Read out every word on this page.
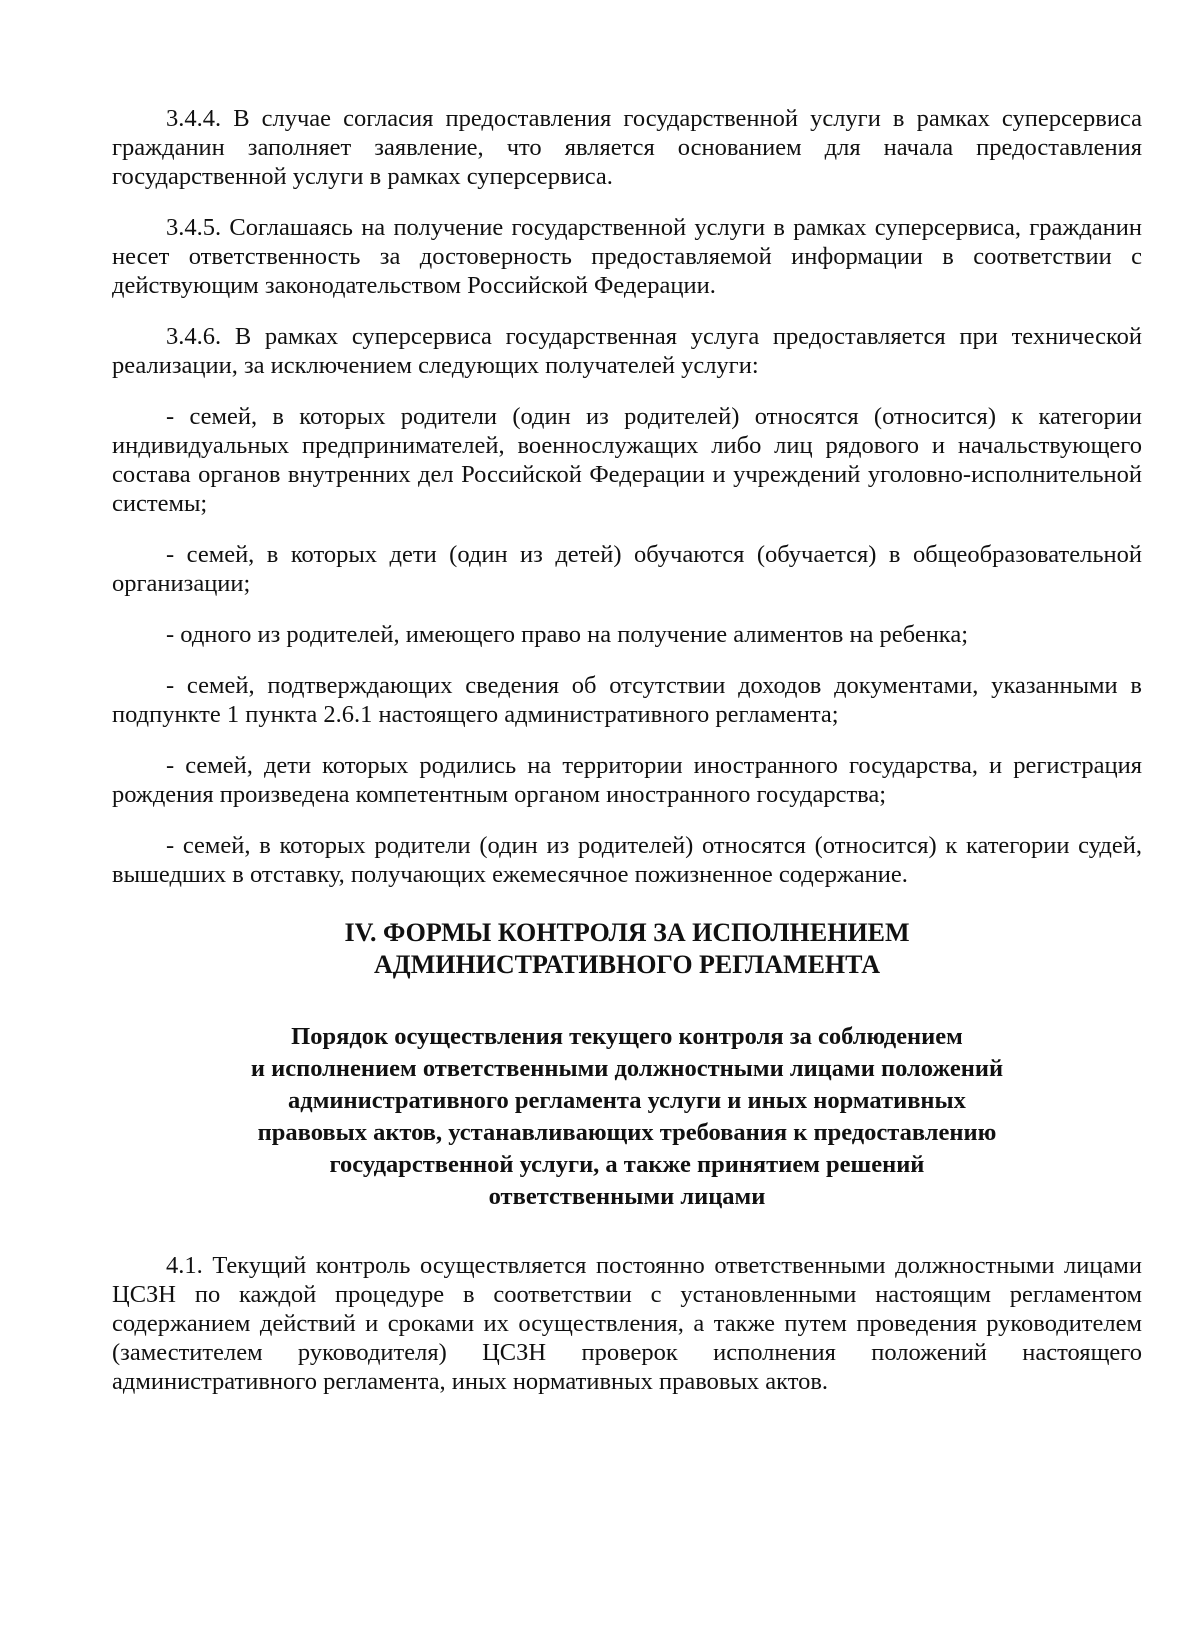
3.4.4. В случае согласия предоставления государственной услуги в рамках суперсервиса гражданин заполняет заявление, что является основанием для начала предоставления государственной услуги в рамках суперсервиса.

3.4.5. Соглашаясь на получение государственной услуги в рамках суперсервиса, гражданин несет ответственность за достоверность предоставляемой информации в соответствии с действующим законодательством Российской Федерации.

3.4.6. В рамках суперсервиса государственная услуга предоставляется при технической реализации, за исключением следующих получателей услуги:

- семей, в которых родители (один из родителей) относятся (относится) к категории индивидуальных предпринимателей, военнослужащих либо лиц рядового и начальствующего состава органов внутренних дел Российской Федерации и учреждений уголовно-исполнительной системы;

- семей, в которых дети (один из детей) обучаются (обучается) в общеобразовательной организации;

- одного из родителей, имеющего право на получение алиментов на ребенка;

- семей, подтверждающих сведения об отсутствии доходов документами, указанными в подпункте 1 пункта 2.6.1 настоящего административного регламента;

- семей, дети которых родились на территории иностранного государства, и регистрация рождения произведена компетентным органом иностранного государства;

- семей, в которых родители (один из родителей) относятся (относится) к категории судей, вышедших в отставку, получающих ежемесячное пожизненное содержание.

IV. ФОРМЫ КОНТРОЛЯ ЗА ИСПОЛНЕНИЕМ
АДМИНИСТРАТИВНОГО РЕГЛАМЕНТА
Порядок осуществления текущего контроля за соблюдением
и исполнением ответственными должностными лицами положений
административного регламента услуги и иных нормативных
правовых актов, устанавливающих требования к предоставлению
государственной услуги, а также принятием решений
ответственными лицами

4.1. Текущий контроль осуществляется постоянно ответственными должностными лицами ЦСЗН по каждой процедуре в соответствии с установленными настоящим регламентом содержанием действий и сроками их осуществления, а также путем проведения руководителем (заместителем руководителя) ЦСЗН проверок исполнения положений настоящего административного регламента, иных нормативных правовых актов.
